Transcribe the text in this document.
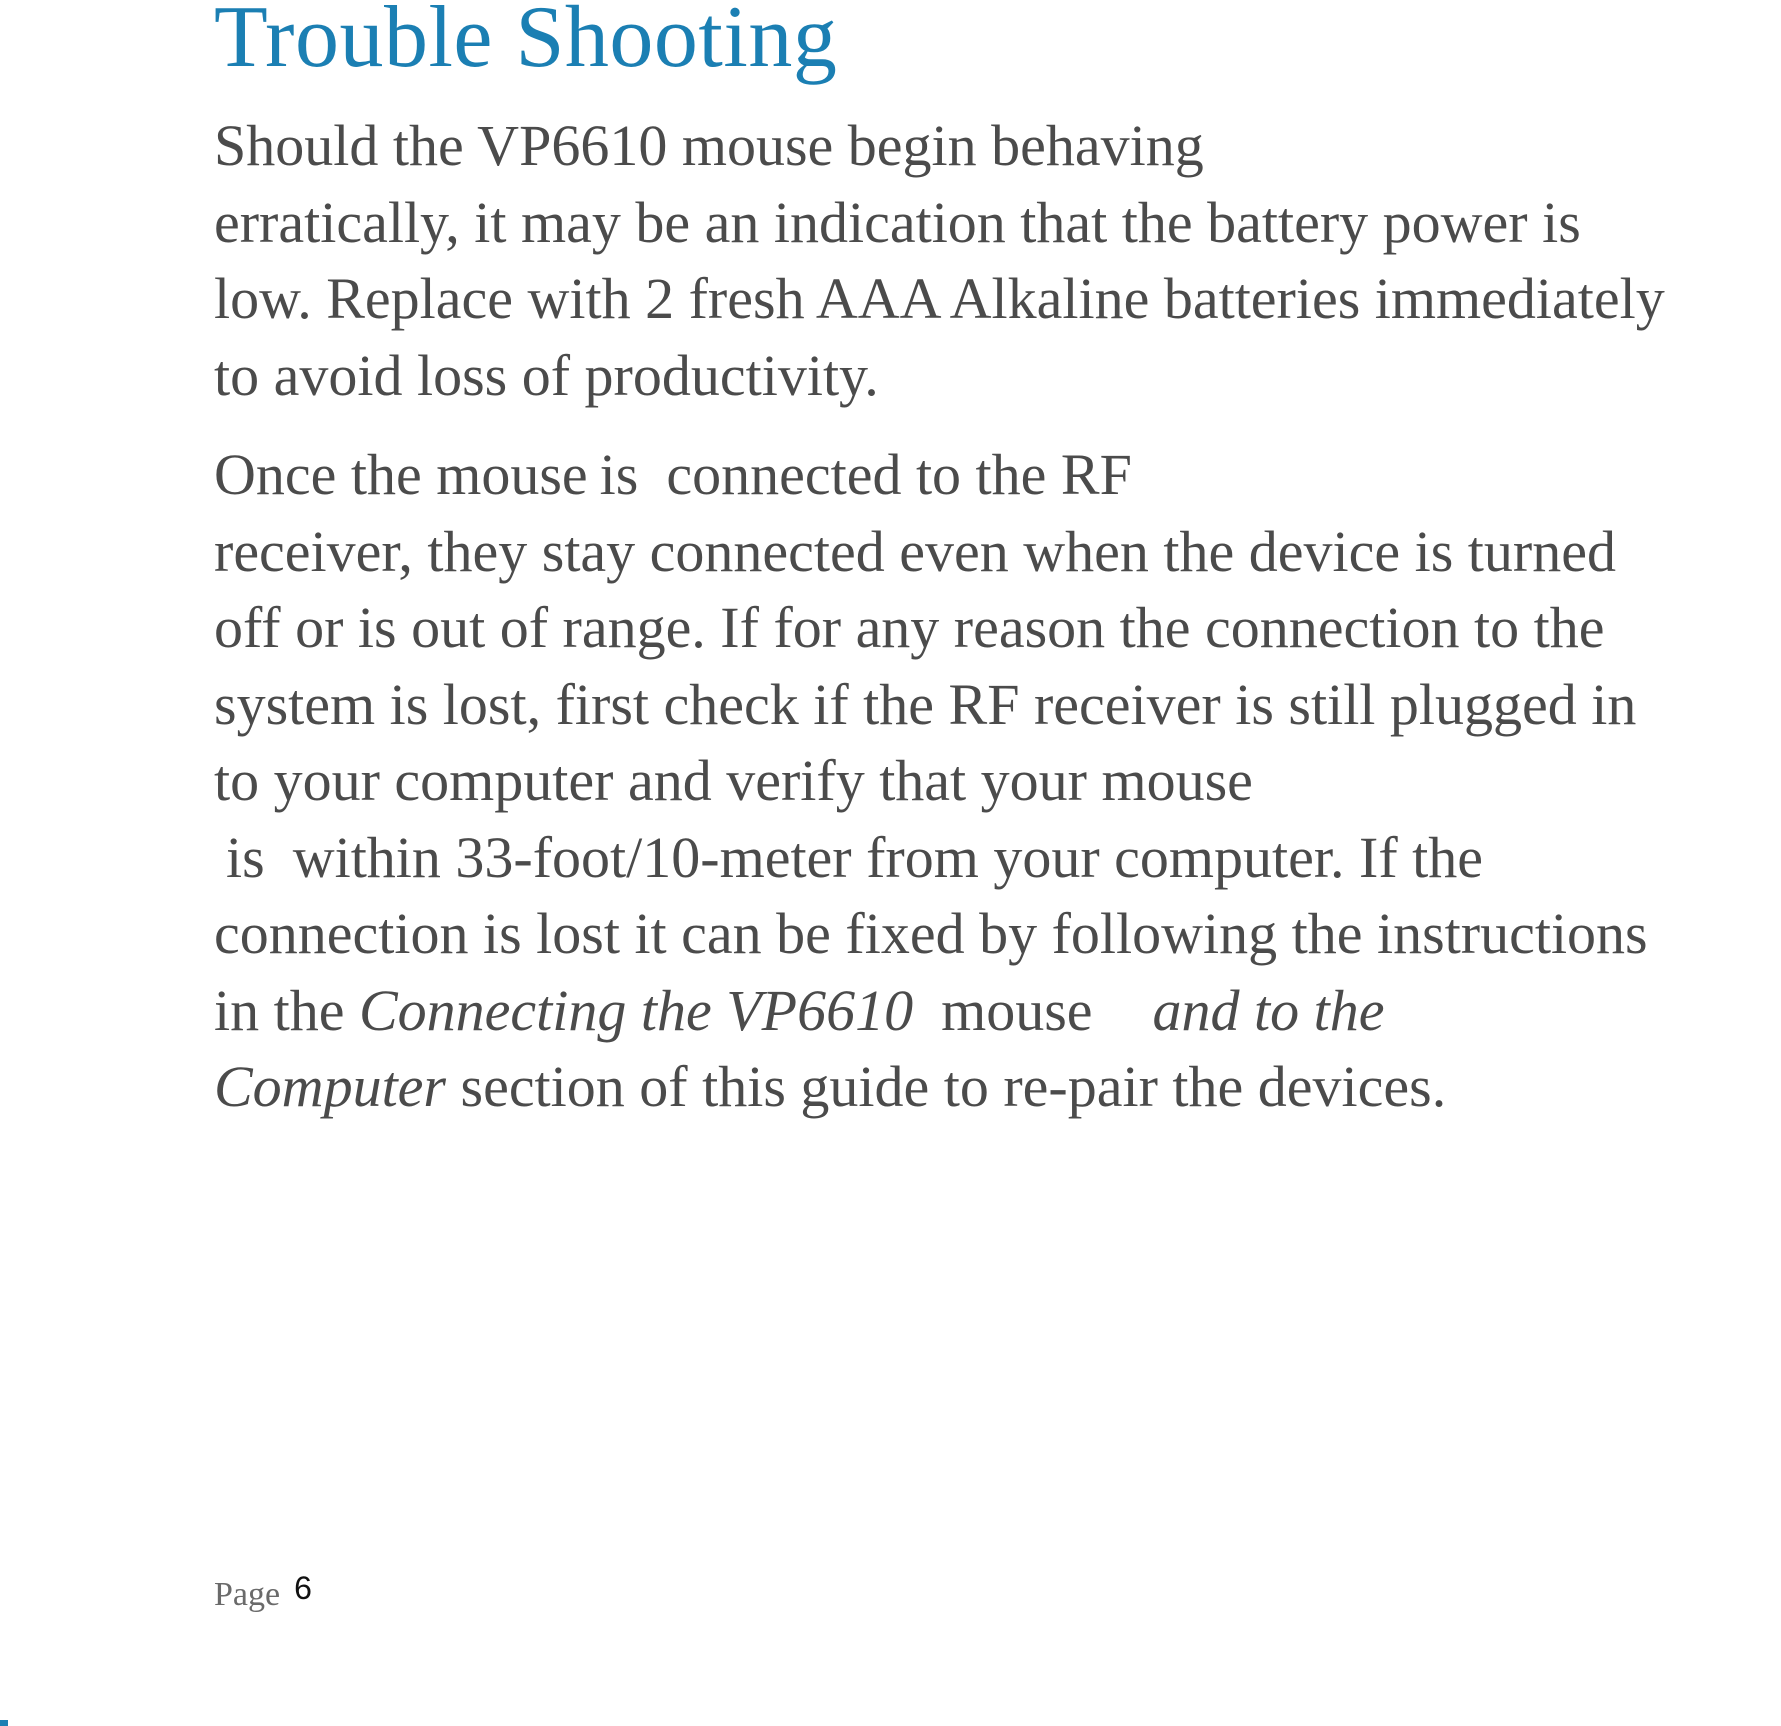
Trouble Shooting

Should the VP6610 mouse begin behaving
erratically, it may be an indication that the battery power is
low. Replace with 2 fresh AAA Alkaline batteries immediately
to avoid loss of productivity.

Once the mouse is connected to the RF
receiver, they stay connected even when the device is turned
off or is out of range. If for any reason the connection to the
system is lost, first check if the RF receiver is still plugged in
to your computer and verify that your mouse
is within 33-foot/10-meter from your computer. If the
connection is lost it can be fixed by following the instructions
in the Connecting the VP6610 mouse and to the
Computer section of this guide to re-pair the devices.

Page 6
